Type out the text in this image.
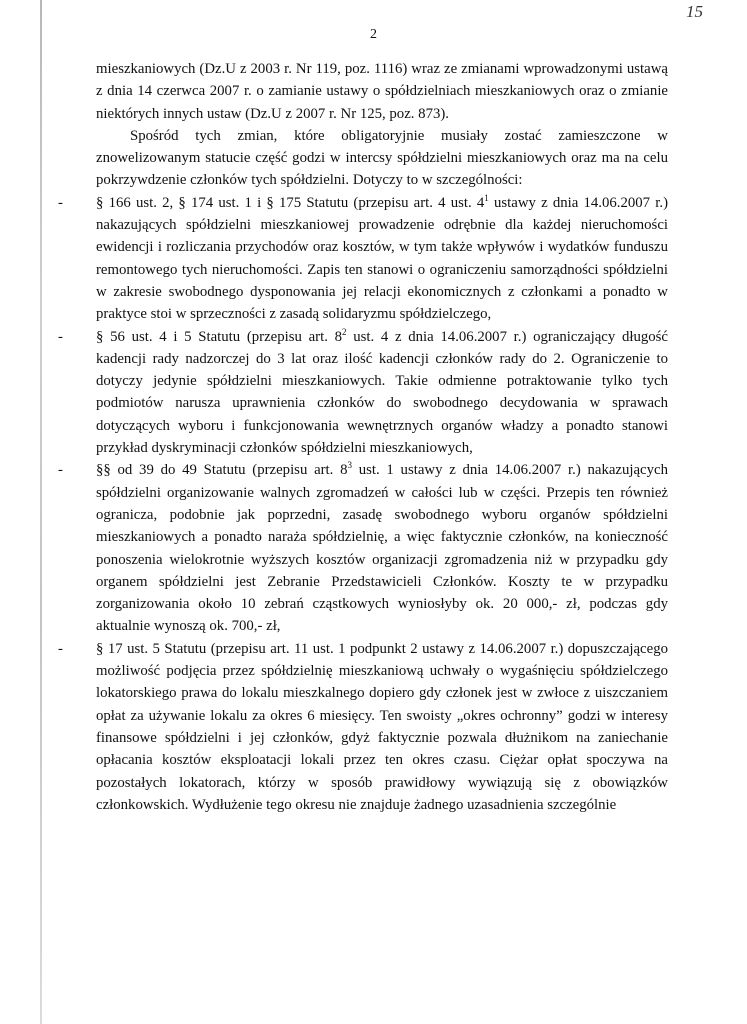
15
2

mieszkaniowych (Dz.U z 2003 r. Nr 119, poz. 1116) wraz ze zmianami wprowadzonymi ustawą z dnia 14 czerwca 2007 r. o zamianie ustawy o spółdzielniach mieszkaniowych oraz o zmianie niektórych innych ustaw (Dz.U z 2007 r. Nr 125, poz. 873).

Spośród tych zmian, które obligatoryjnie musiały zostać zamieszczone w znowelizowanym statucie część godzi w intercsy spółdzielni mieszkaniowych oraz ma na celu pokrzywdzenie członków tych spółdzielni. Dotyczy to w szczególności:

- § 166 ust. 2, § 174 ust. 1 i § 175 Statutu (przepisu art. 4 ust. $4^1$ ustawy z dnia 14.06.2007 r.) nakazujących spółdzielni mieszkaniowej prowadzenie odrębnie dla każdej nieruchomości ewidencji i rozliczania przychodów oraz kosztów, w tym także wpływów i wydatków funduszu remontowego tych nieruchomości. Zapis ten stanowi o ograniczeniu samorządności spółdzielni w zakresie swobodnego dysponowania jej relacji ekonomicznych z członkami a ponadto w praktyce stoi w sprzeczności z zasadą solidaryzmu spółdzielczego,
- § 56 ust. 4 i 5 Statutu (przepisu art. $8^2$ ust. 4 z dnia 14.06.2007 r.) ograniczający długość kadencji rady nadzorczej do 3 lat oraz ilość kadencji członków rady do 2. Ograniczenie to dotyczy jedynie spółdzielni mieszkaniowych. Takie odmienne potraktowanie tylko tych podmiotów narusza uprawnienia członków do swobodnego decydowania w sprawach dotyczących wyboru i funkcjonowania wewnętrznych organów władzy a ponadto stanowi przykład dyskryminacji członków spółdzielni mieszkaniowych,
- §§ od 39 do 49 Statutu (przepisu art. $8^3$ ust. 1 ustawy z dnia 14.06.2007 r.) nakazujących spółdzielni organizowanie walnych zgromadzeń w całości lub w części. Przepis ten również ogranicza, podobnie jak poprzedni, zasadę swobodnego wyboru organów spółdzielni mieszkaniowych a ponadto naraża spółdzielnię, a więc faktycznie członków, na konieczność ponoszenia wielokrotnie wyższych kosztów organizacji zgromadzenia niż w przypadku gdy organem spółdzielni jest Zebranie Przedstawicieli Członków. Koszty te w przypadku zorganizowania około 10 zebrań cząstkowych wyniosłyby ok. 20 000,- zł, podczas gdy aktualnie wynoszą ok. 700,- zł,
- § 17 ust. 5 Statutu (przepisu art. 11 ust. 1 podpunkt 2 ustawy z 14.06.2007 r.) dopuszczającego możliwość podjęcia przez spółdzielnię mieszkaniową uchwały o wygaśnięciu spółdzielczego lokatorskiego prawa do lokalu mieszkalnego dopiero gdy członek jest w zwłoce z uiszczaniem opłat za używanie lokalu za okres 6 miesięcy. Ten swoisty „okres ochronny” godzi w interesy finansowe spółdzielni i jej członków, gdyż faktycznie pozwala dłużnikom na zaniechanie opłacania kosztów eksploatacji lokali przez ten okres czasu. Ciężar opłat spoczywa na pozostałych lokatorach, którzy w sposób prawidłowy wywiązują się z obowiązków członkowskich. Wydłużenie tego okresu nie znajduje żadnego uzasadnienia szczególnie
